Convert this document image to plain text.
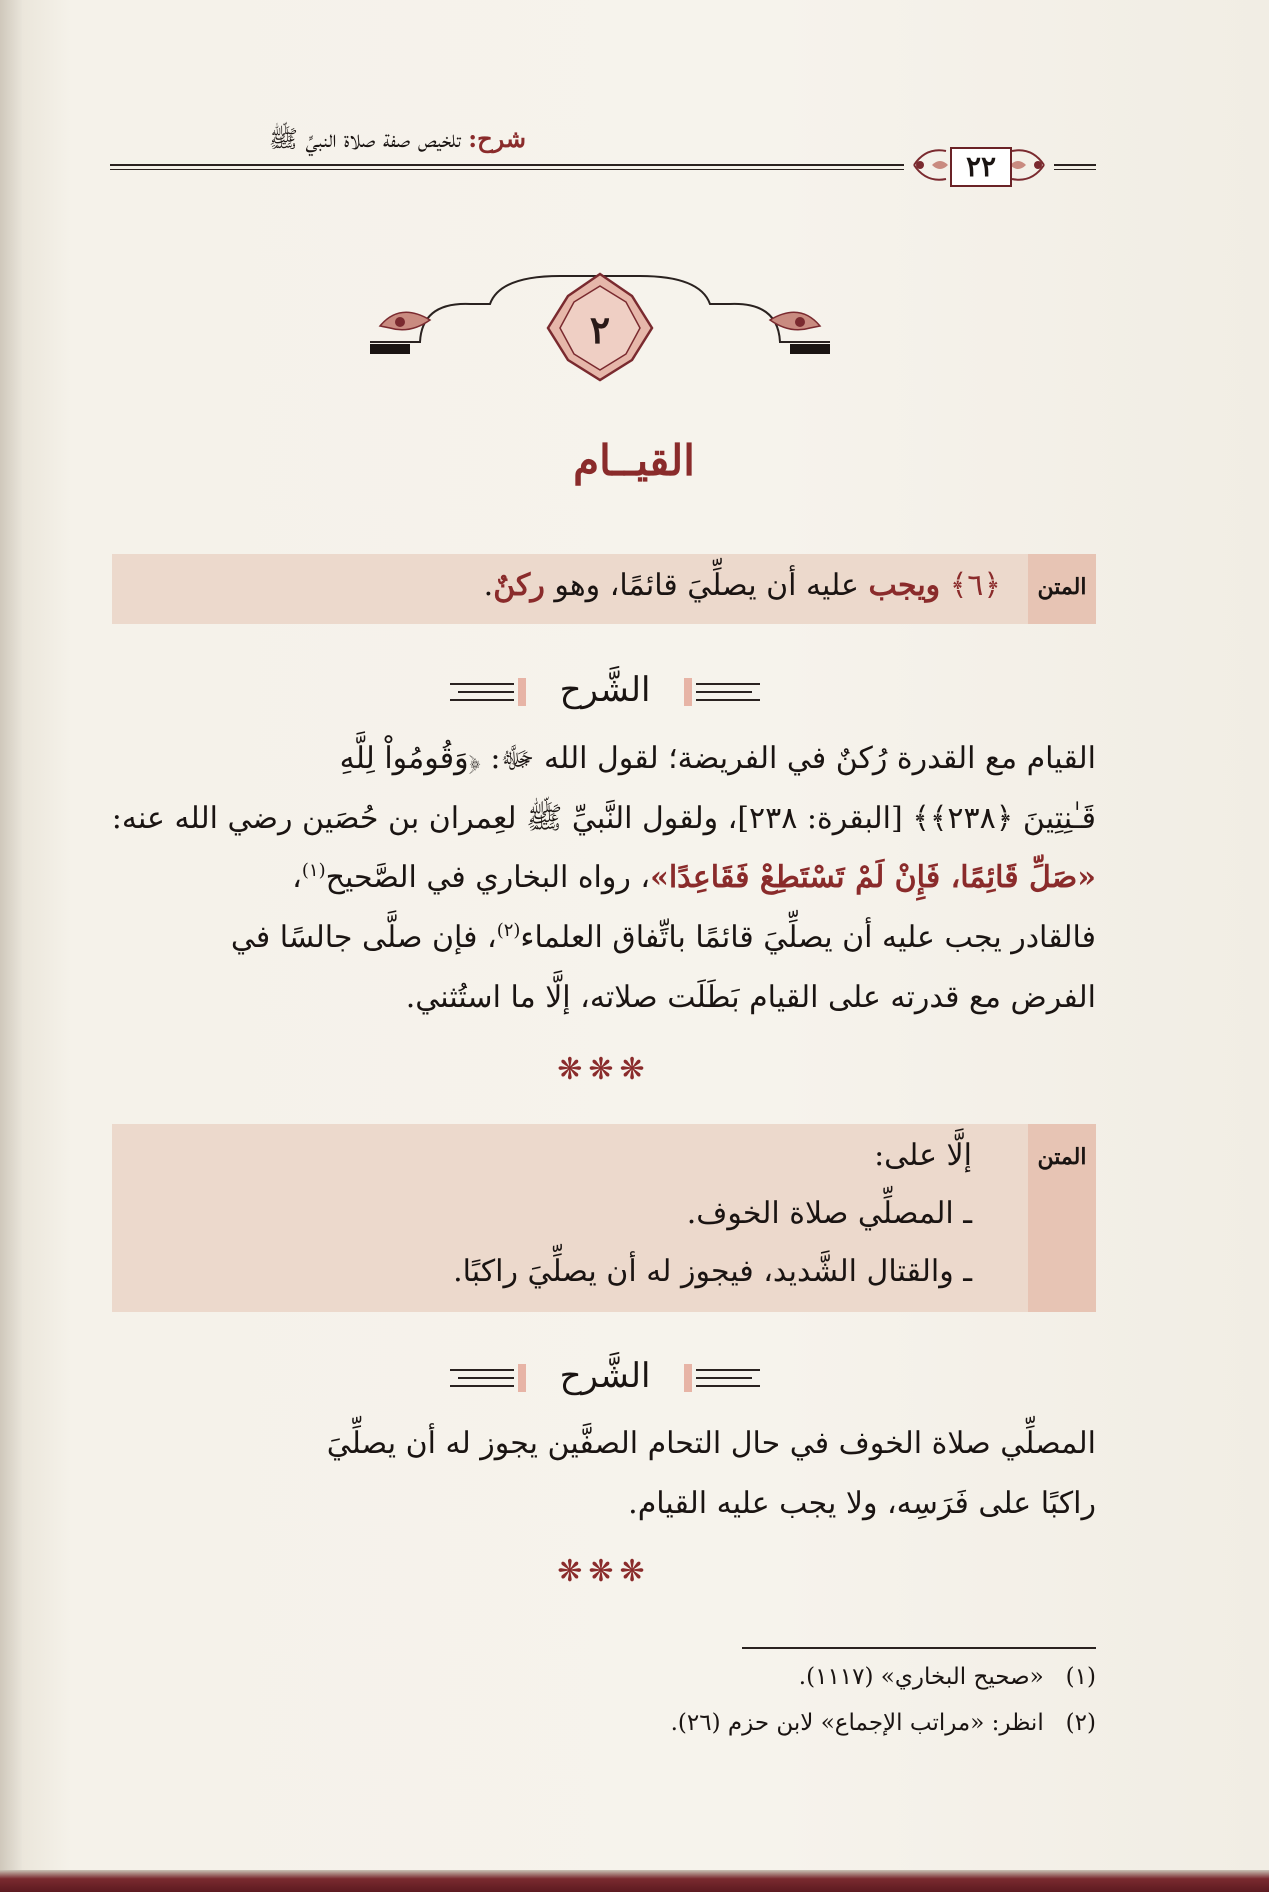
شرح: تلخيص صفة صلاة النبيِّ ﷺ
٢٢
٢
القيــام
المتن
﴿٦﴾ ويجب عليه أن يصلِّيَ قائمًا، وهو ركنٌ.
الشَّرح
القيام مع القدرة رُكنٌ في الفريضة؛ لقول الله ﷻ: ﴿وَقُومُواْ لِلَّهِ
قَـٰنِتِينَ ﴿٢٣٨﴾﴾ [البقرة: ٢٣٨]، ولقول النَّبيِّ ﷺ لعِمران بن حُصَين رضي الله عنه:
«صَلِّ قَائِمًا، فَإِنْ لَمْ تَسْتَطِعْ فَقَاعِدًا»، رواه البخاري في الصَّحيح$^{(١)}$،
فالقادر يجب عليه أن يصلِّيَ قائمًا باتِّفاق العلماء$^{(٢)}$، فإن صلَّى جالسًا في
الفرض مع قدرته على القيام بَطَلَت صلاته، إلَّا ما استُثني.
❋❋❋
المتن
إلَّا على:
ـ المصلِّي صلاة الخوف.
ـ والقتال الشَّديد، فيجوز له أن يصلِّيَ راكبًا.
الشَّرح
المصلِّي صلاة الخوف في حال التحام الصفَّين يجوز له أن يصلِّيَ
راكبًا على فَرَسِه، ولا يجب عليه القيام.
❋❋❋
(١)   «صحيح البخاري» (١١١٧).
(٢)   انظر: «مراتب الإجماع» لابن حزم (٢٦).
